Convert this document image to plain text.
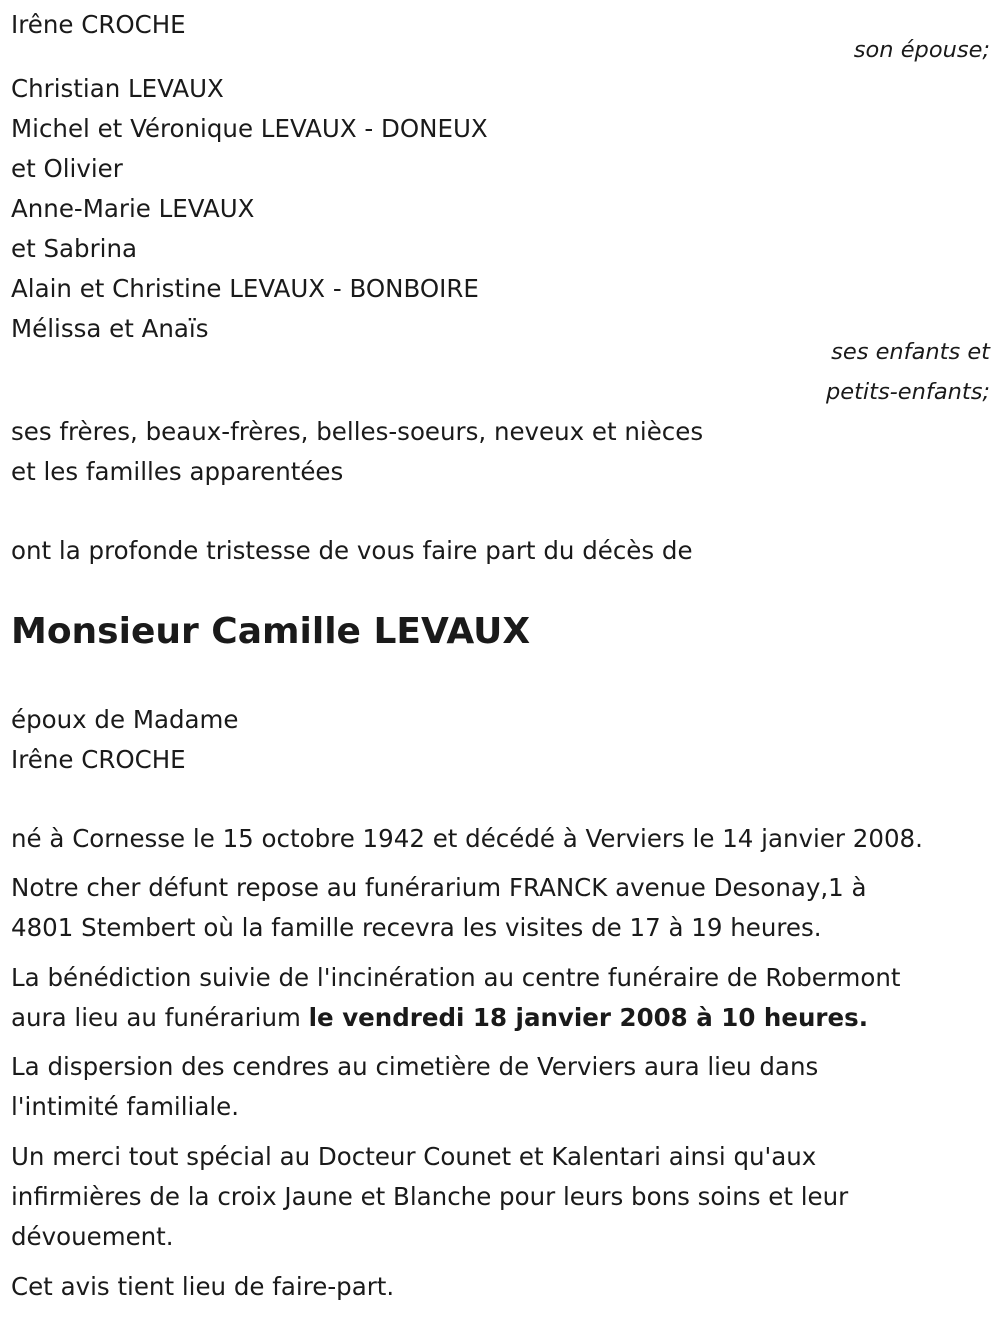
Irêne CROCHE
son épouse;
Christian LEVAUX
Michel et Véronique LEVAUX - DONEUX
et Olivier
Anne-Marie LEVAUX
et Sabrina
Alain et Christine LEVAUX - BONBOIRE
Mélissa et Anaïs
ses enfants et
petits-enfants;
ses frères, beaux-frères, belles-soeurs, neveux et nièces
et les familles apparentées
ont la profonde tristesse de vous faire part du décès de
Monsieur Camille LEVAUX
époux de Madame
Irêne CROCHE
né à Cornesse le 15 octobre 1942 et décédé à Verviers le 14 janvier 2008.
Notre cher défunt repose au funérarium FRANCK avenue Desonay,1 à
4801 Stembert où la famille recevra les visites de 17 à 19 heures.
La bénédiction suivie de l'incinération au centre funéraire de Robermont
aura lieu au funérarium le vendredi 18 janvier 2008 à 10 heures.
La dispersion des cendres au cimetière de Verviers aura lieu dans
l'intimité familiale.
Un merci tout spécial au Docteur Counet et Kalentari ainsi qu'aux
infirmières de la croix Jaune et Blanche pour leurs bons soins et leur
dévouement.
Cet avis tient lieu de faire-part.
